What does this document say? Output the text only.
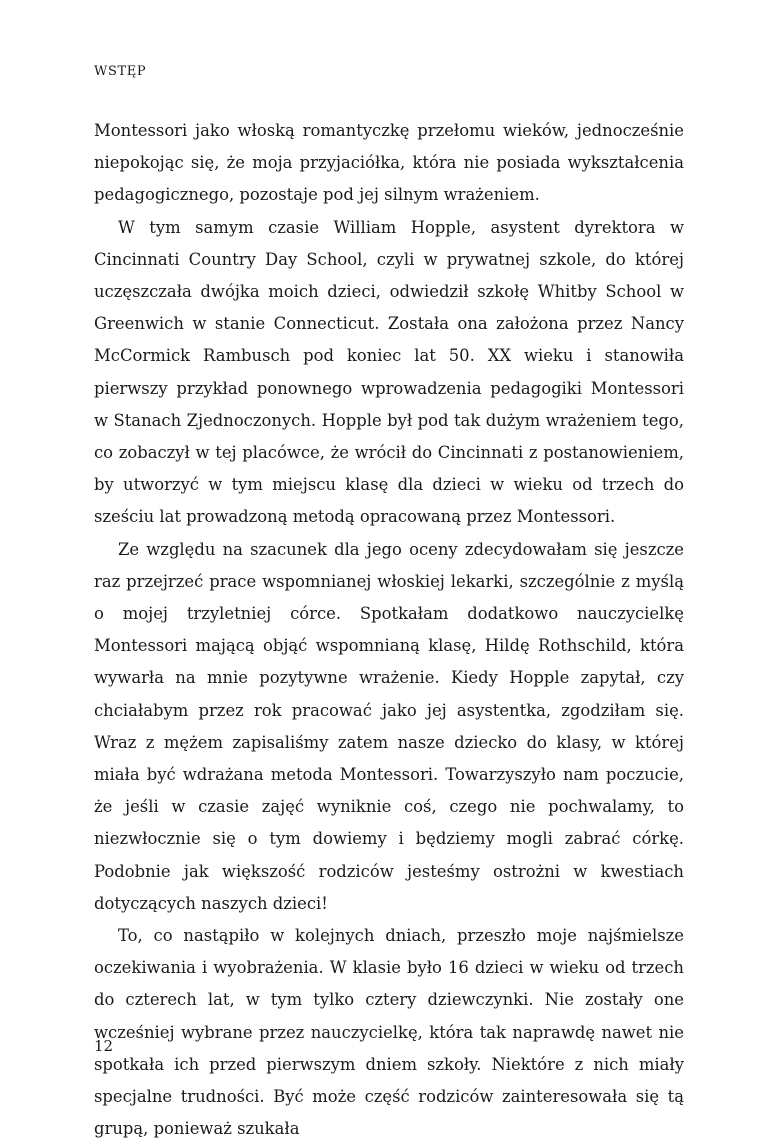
WSTĘP

Montessori jako włoską romantyczkę przełomu wieków, jednocześnie niepokojąc się, że moja przyjaciółka, która nie posiada wykształcenia pedagogicznego, pozostaje pod jej silnym wrażeniem.

W tym samym czasie William Hopple, asystent dyrektora w Cincinnati Country Day School, czyli w prywatnej szkole, do której uczęszczała dwójka moich dzieci, odwiedził szkołę Whitby School w Greenwich w stanie Connecticut. Została ona założona przez Nancy McCormick Rambusch pod koniec lat 50. XX wieku i stanowiła pierwszy przykład ponownego wprowadzenia pedagogiki Montessori w Stanach Zjednoczonych. Hopple był pod tak dużym wrażeniem tego, co zobaczył w tej placówce, że wrócił do Cincinnati z postanowieniem, by utworzyć w tym miejscu klasę dla dzieci w wieku od trzech do sześciu lat prowadzoną metodą opracowaną przez Montessori.

Ze względu na szacunek dla jego oceny zdecydowałam się jeszcze raz przejrzeć prace wspomnianej włoskiej lekarki, szczególnie z myślą o mojej trzyletniej córce. Spotkałam dodatkowo nauczycielkę Montessori mającą objąć wspomnianą klasę, Hildę Rothschild, która wywarła na mnie pozytywne wrażenie. Kiedy Hopple zapytał, czy chciałabym przez rok pracować jako jej asystentka, zgodziłam się. Wraz z mężem zapisaliśmy zatem nasze dziecko do klasy, w której miała być wdrażana metoda Montessori. Towarzyszyło nam poczucie, że jeśli w czasie zajęć wyniknie coś, czego nie pochwalamy, to niezwłocznie się o tym dowiemy i będziemy mogli zabrać córkę. Podobnie jak większość rodziców jesteśmy ostrożni w kwestiach dotyczących naszych dzieci!

To, co nastąpiło w kolejnych dniach, przeszło moje najśmielsze oczekiwania i wyobrażenia. W klasie było 16 dzieci w wieku od trzech do czterech lat, w tym tylko cztery dziewczynki. Nie zostały one wcześniej wybrane przez nauczycielkę, która tak naprawdę nawet nie spotkała ich przed pierwszym dniem szkoły. Niektóre z nich miały specjalne trudności. Być może część rodziców zainteresowała się tą grupą, ponieważ szukała

12
